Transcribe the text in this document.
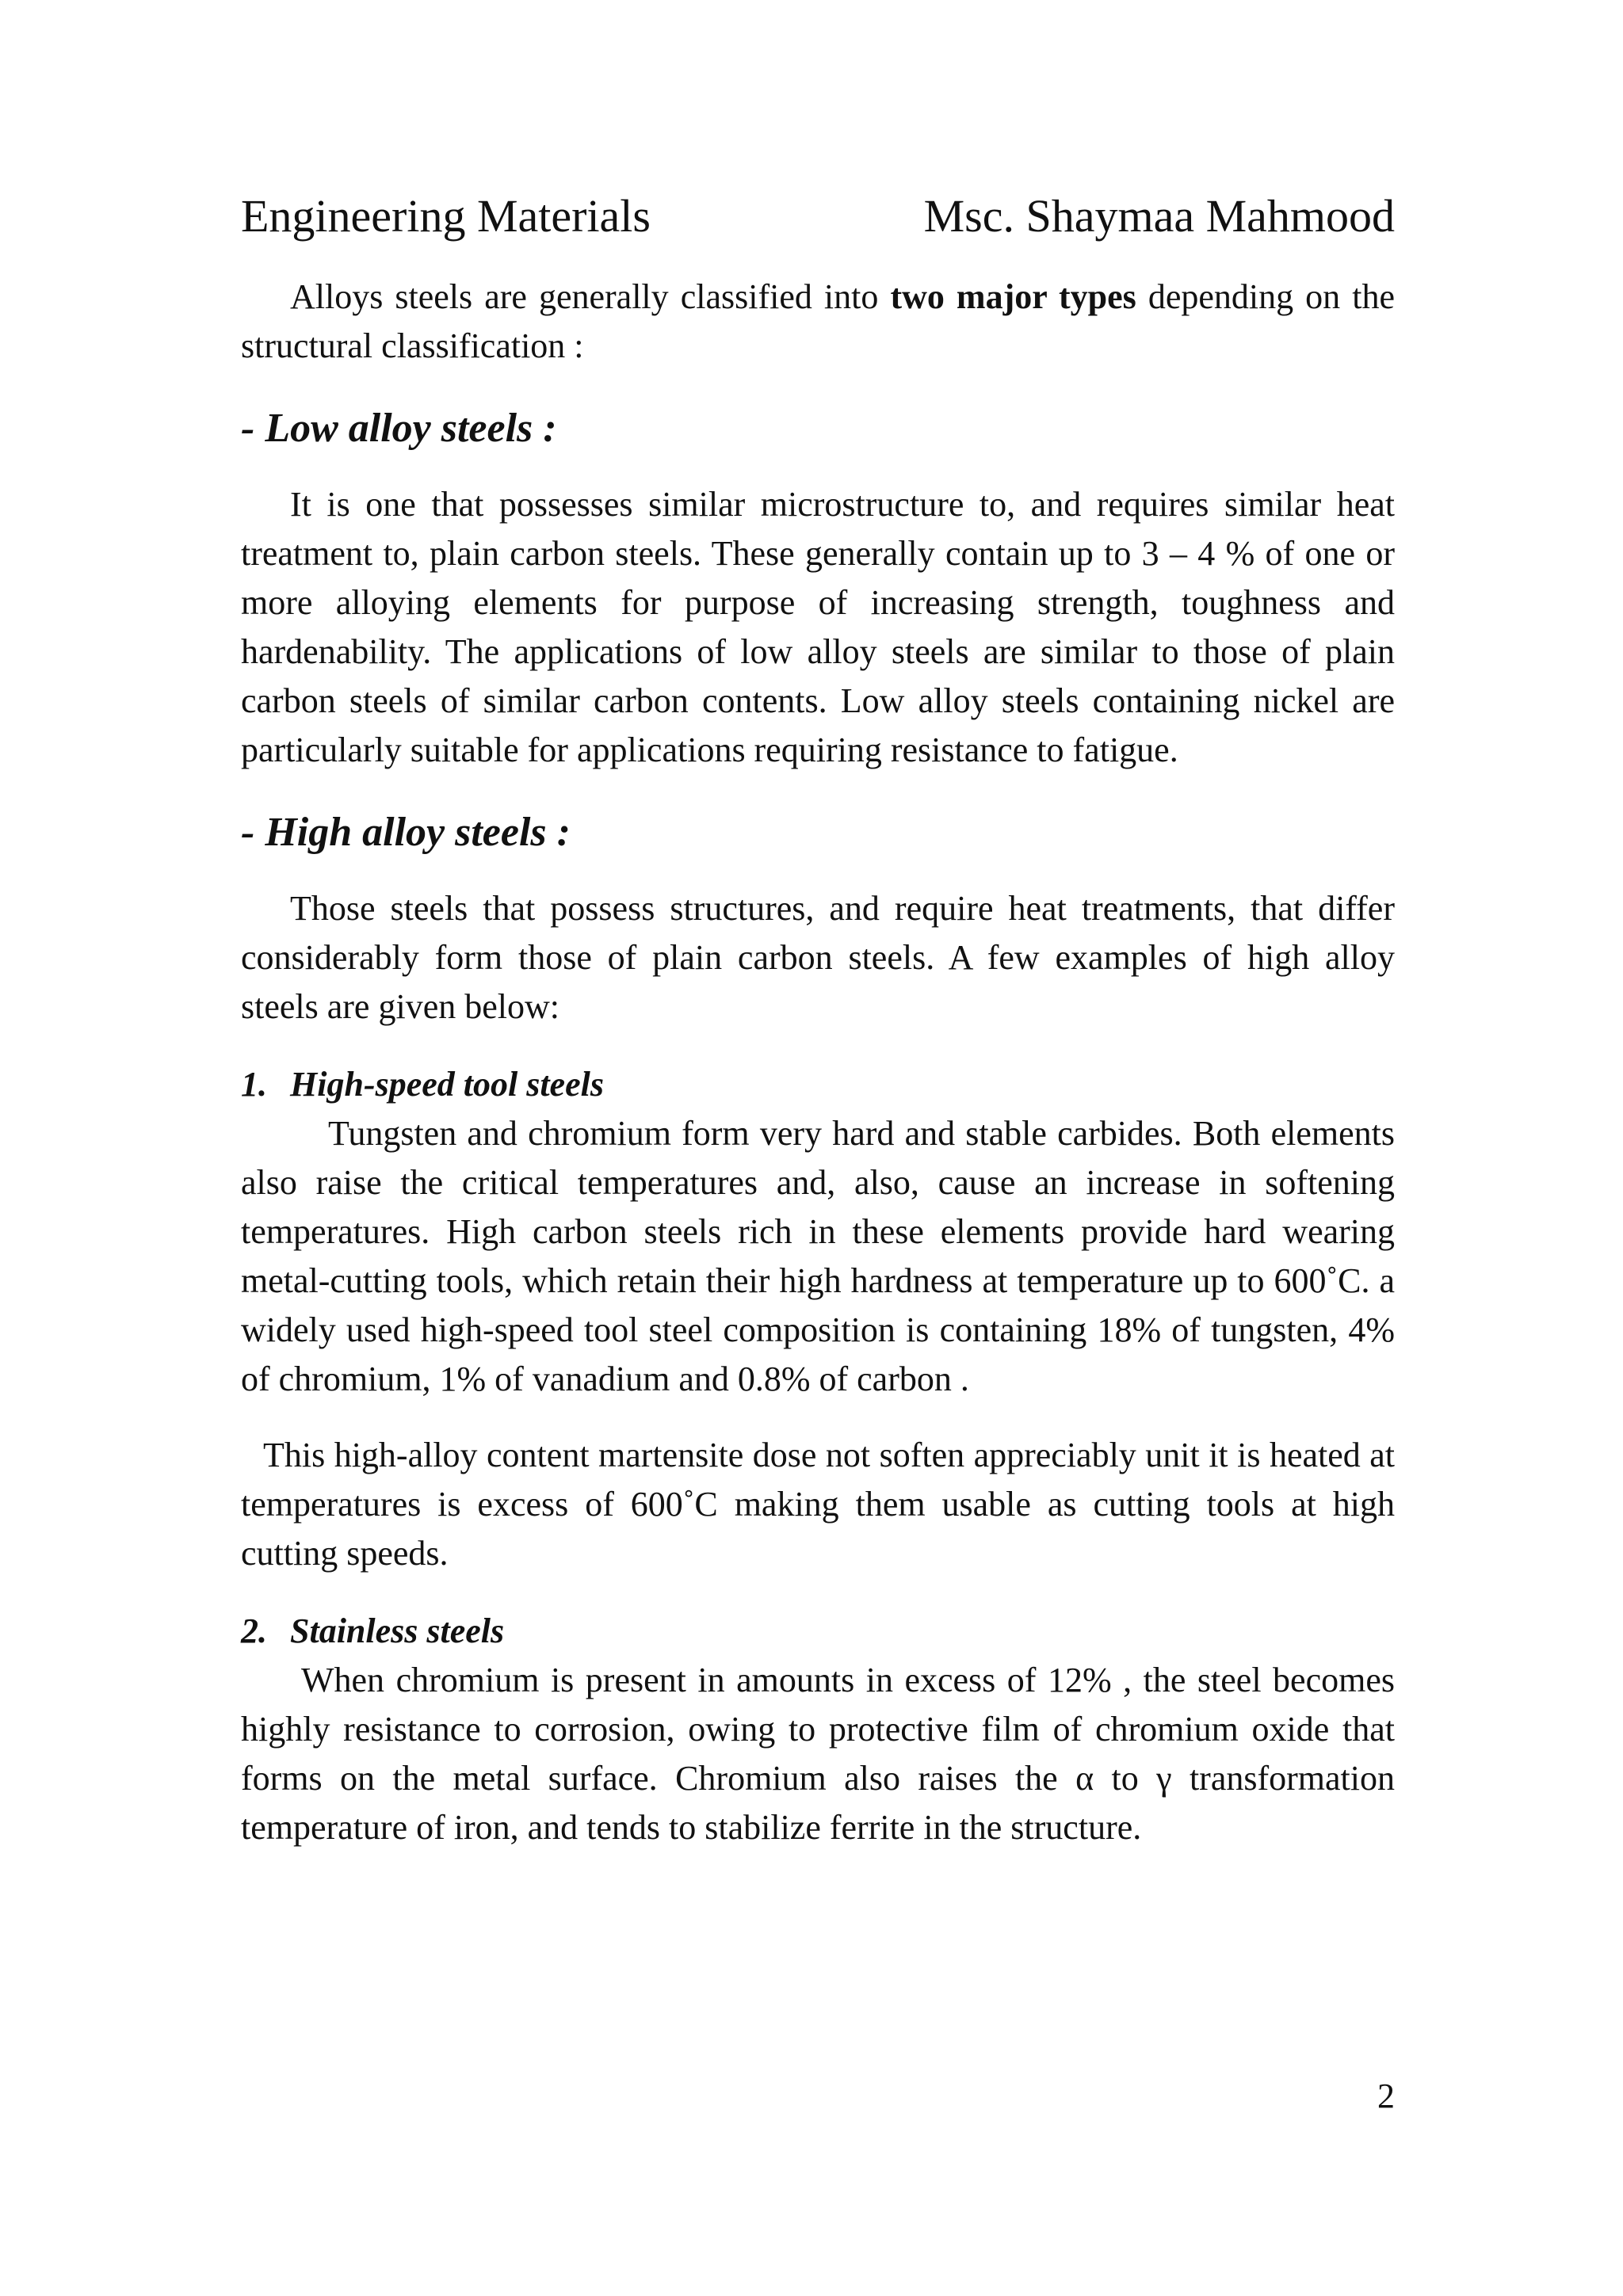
Engineering Materials	Msc. Shaymaa Mahmood

Alloys steels are generally classified into two major types depending on the structural classification :

- Low alloy steels :

It is one that possesses similar microstructure to, and requires similar heat treatment to, plain carbon steels. These generally contain up to 3 – 4 % of one or more alloying elements for purpose of increasing strength, toughness and hardenability. The applications of low alloy steels are similar to those of plain carbon steels of similar carbon contents. Low alloy steels containing nickel are particularly suitable for applications requiring resistance to fatigue.

- High alloy steels :

Those steels that possess structures, and require heat treatments, that differ considerably form those of plain carbon steels. A few examples of high alloy steels are given below:

1. High-speed tool steels

Tungsten and chromium form very hard and stable carbides. Both elements also raise the critical temperatures and, also, cause an increase in softening temperatures. High carbon steels rich in these elements provide hard wearing metal-cutting tools, which retain their high hardness at temperature up to 600˚C. a widely used high-speed tool steel composition is containing 18% of tungsten, 4% of chromium, 1% of vanadium and 0.8% of carbon .

This high-alloy content martensite dose not soften appreciably unit it is heated at temperatures is excess of 600˚C making them usable as cutting tools at high cutting speeds.

2. Stainless steels

When chromium is present in amounts in excess of 12% , the steel becomes highly resistance to corrosion, owing to protective film of chromium oxide that forms on the metal surface. Chromium also raises the α to γ transformation temperature of iron, and tends to stabilize ferrite in the structure.

2
